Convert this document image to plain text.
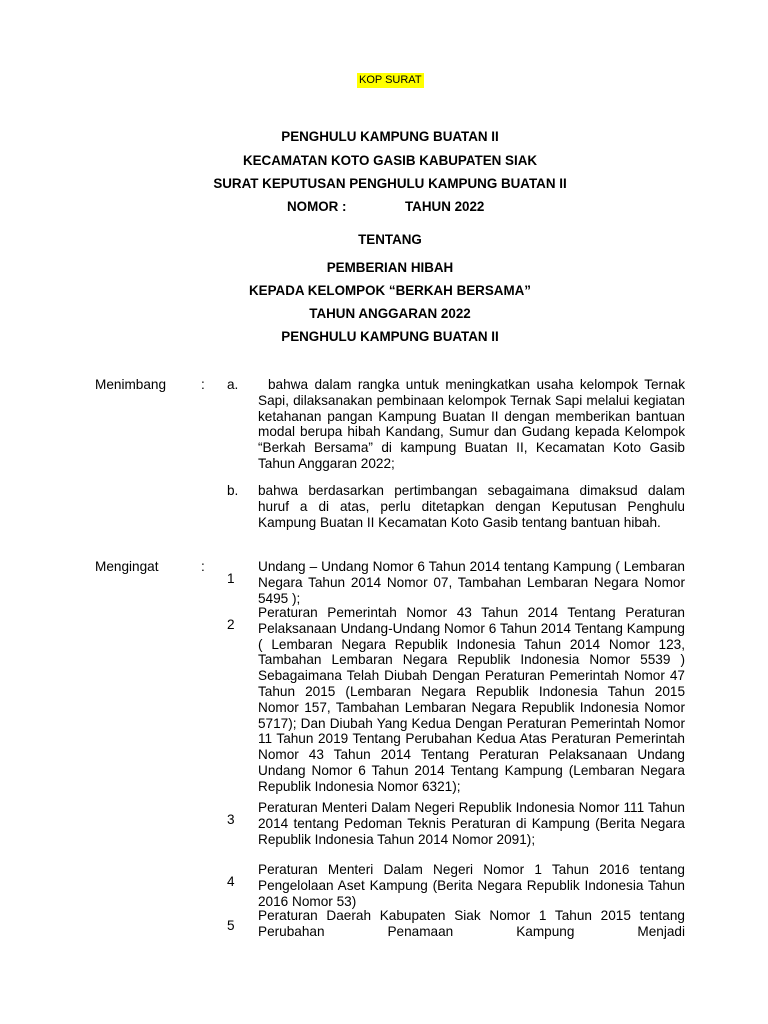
KOP SURAT
PENGHULU KAMPUNG BUATAN II
KECAMATAN KOTO GASIB KABUPATEN SIAK
SURAT KEPUTUSAN PENGHULU KAMPUNG BUATAN II
NOMOR :	TAHUN 2022
TENTANG
PEMBERIAN HIBAH
KEPADA KELOMPOK “BERKAH BERSAMA”
TAHUN ANGGARAN 2022
PENGHULU KAMPUNG BUATAN II
Menimbang	: a.	bahwa dalam rangka untuk meningkatkan usaha kelompok Ternak Sapi, dilaksanakan pembinaan kelompok Ternak Sapi melalui kegiatan ketahanan pangan Kampung Buatan II dengan memberikan bantuan modal berupa hibah Kandang, Sumur dan Gudang kepada Kelompok “Berkah Bersama” di kampung Buatan II, Kecamatan Koto Gasib Tahun Anggaran 2022;
b. bahwa berdasarkan pertimbangan sebagaimana dimaksud dalam huruf a di atas, perlu ditetapkan dengan Keputusan Penghulu Kampung Buatan II Kecamatan Koto Gasib tentang bantuan hibah.
Mengingat	:
1
Undang – Undang Nomor 6 Tahun 2014 tentang Kampung ( Lembaran Negara Tahun 2014 Nomor 07, Tambahan Lembaran Negara Nomor 5495 );
2
Peraturan Pemerintah Nomor 43 Tahun 2014 Tentang Peraturan Pelaksanaan Undang-Undang Nomor 6 Tahun 2014 Tentang Kampung ( Lembaran Negara Republik Indonesia Tahun 2014 Nomor 123, Tambahan Lembaran Negara Republik Indonesia Nomor 5539 ) Sebagaimana Telah Diubah Dengan Peraturan Pemerintah Nomor 47 Tahun 2015 (Lembaran Negara Republik Indonesia Tahun 2015 Nomor 157, Tambahan Lembaran Negara Republik Indonesia Nomor 5717); Dan Diubah Yang Kedua Dengan Peraturan Pemerintah Nomor 11 Tahun 2019 Tentang Perubahan Kedua Atas Peraturan Pemerintah Nomor 43 Tahun 2014 Tentang Peraturan Pelaksanaan Undang Undang Nomor 6 Tahun 2014 Tentang Kampung (Lembaran Negara Republik Indonesia Nomor 6321);
3
Peraturan Menteri Dalam Negeri Republik Indonesia Nomor 111 Tahun 2014 tentang Pedoman Teknis Peraturan di Kampung (Berita Negara Republik Indonesia Tahun 2014 Nomor 2091);
4
Peraturan Menteri Dalam Negeri Nomor 1 Tahun 2016 tentang Pengelolaan Aset Kampung (Berita Negara Republik Indonesia Tahun 2016 Nomor 53)
5
Peraturan Daerah Kabupaten Siak Nomor 1 Tahun 2015 tentang Perubahan Penamaan Kampung Menjadi
